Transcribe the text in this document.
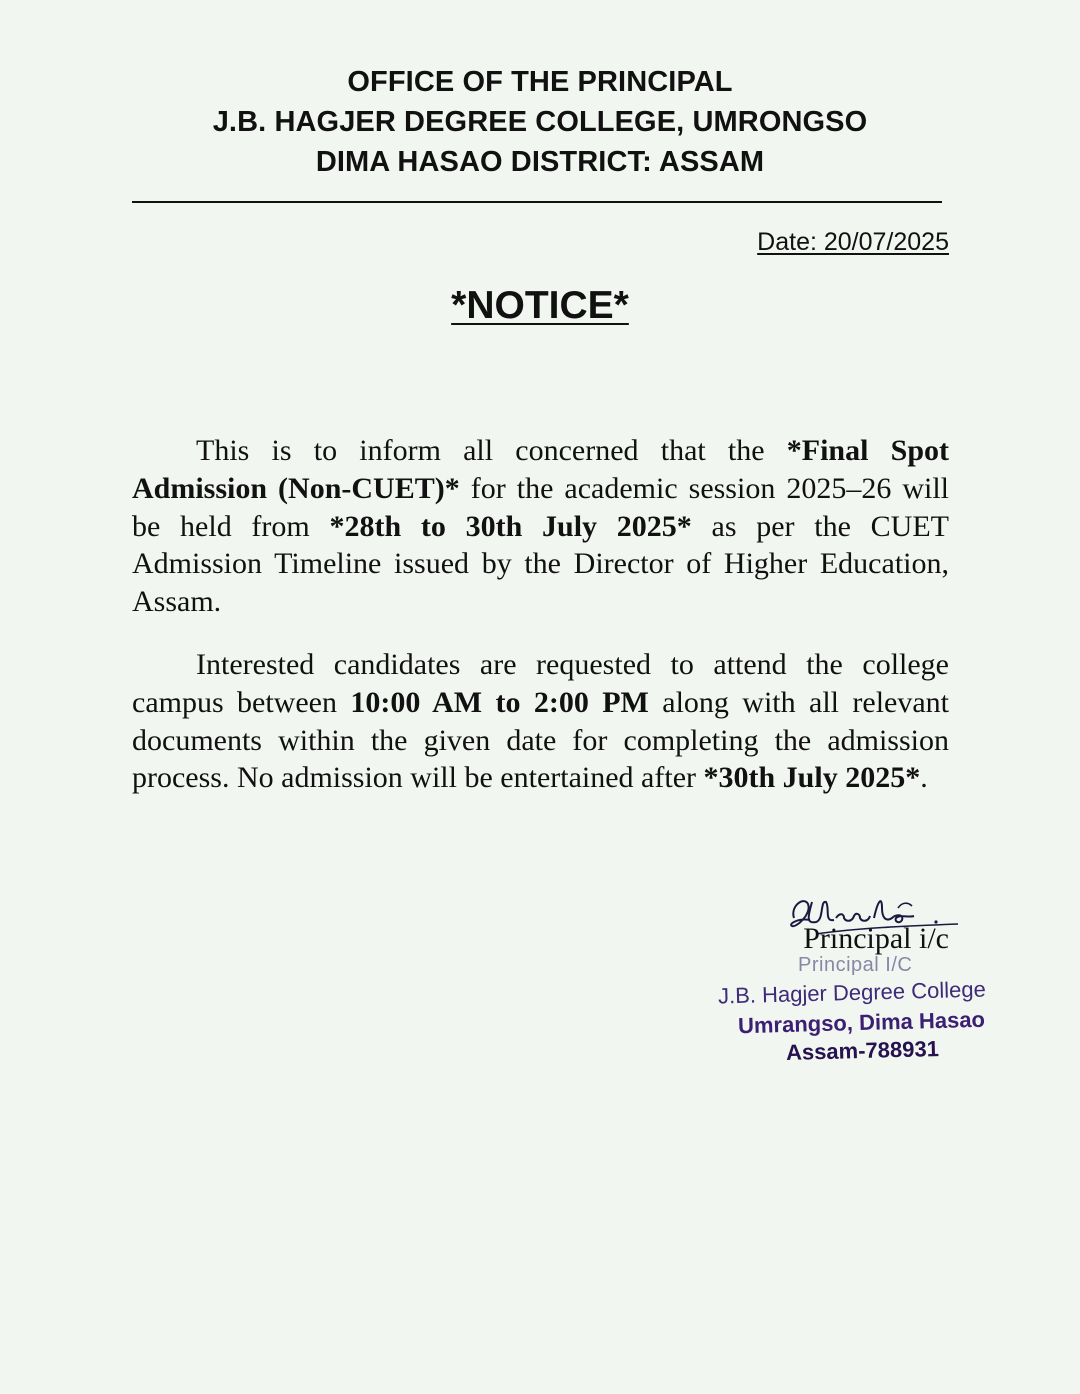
OFFICE OF THE PRINCIPAL
J.B. HAGJER DEGREE COLLEGE, UMRONGSO
DIMA HASAO DISTRICT: ASSAM
Date: 20/07/2025
*NOTICE*

This is to inform all concerned that the *Final Spot Admission (Non-CUET)* for the academic session 2025–26 will be held from *28th to 30th July 2025* as per the CUET Admission Timeline issued by the Director of Higher Education, Assam.

Interested candidates are requested to attend the college campus between 10:00 AM to 2:00 PM along with all relevant documents within the given date for completing the admission process. No admission will be entertained after *30th July 2025*.

Principal i/c
Principal I/C
J.B. Hagjer Degree College
Umrangso, Dima Hasao
Assam-788931
